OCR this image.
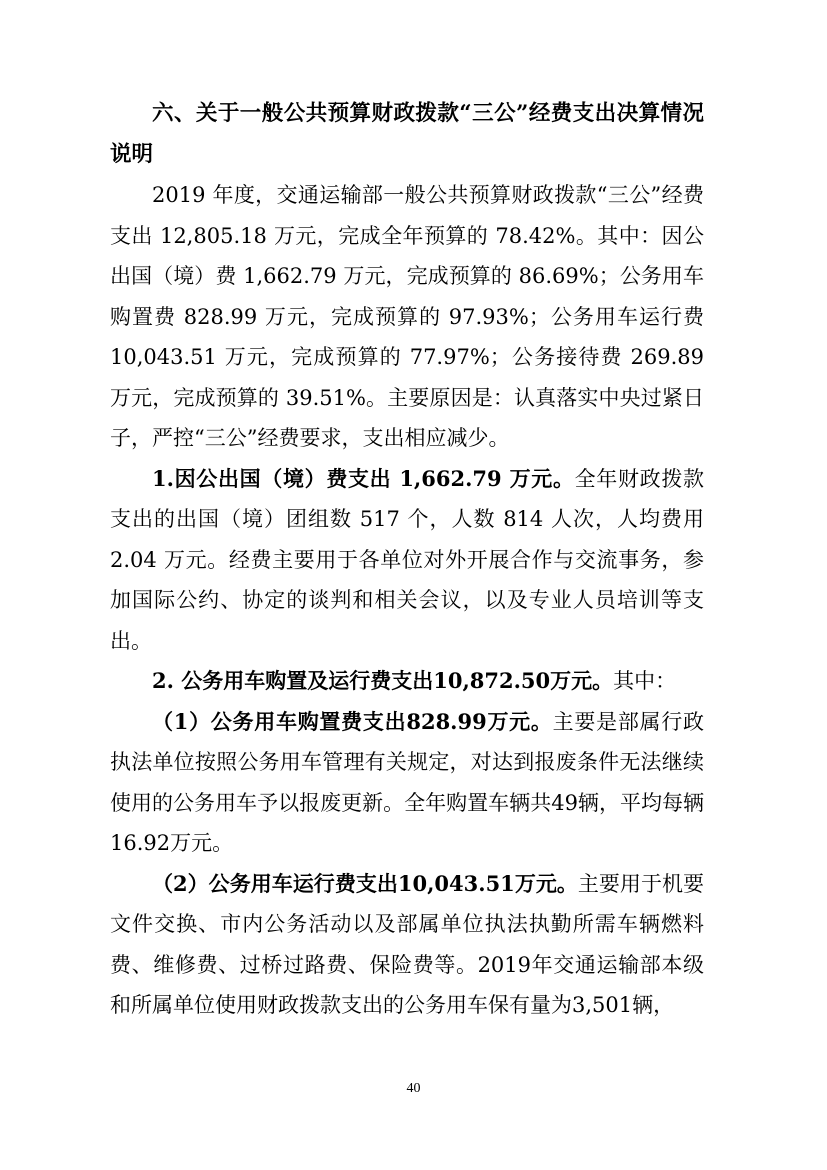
六、关于一般公共预算财政拨款“三公”经费支出决算情况说明

2019 年度，交通运输部一般公共预算财政拨款“三公”经费支出 12,805.18 万元，完成全年预算的 78.42%。其中：因公出国（境）费 1,662.79 万元，完成预算的 86.69%；公务用车购置费 828.99 万元，完成预算的 97.93%；公务用车运行费 10,043.51 万元，完成预算的 77.97%；公务接待费 269.89 万元，完成预算的 39.51%。主要原因是：认真落实中央过紧日子，严控“三公”经费要求，支出相应减少。

1.因公出国（境）费支出 1,662.79 万元。全年财政拨款支出的出国（境）团组数 517 个，人数 814 人次，人均费用 2.04 万元。经费主要用于各单位对外开展合作与交流事务，参加国际公约、协定的谈判和相关会议，以及专业人员培训等支出。

2. 公务用车购置及运行费支出10,872.50万元。其中：

（1）公务用车购置费支出828.99万元。主要是部属行政执法单位按照公务用车管理有关规定，对达到报废条件无法继续使用的公务用车予以报废更新。全年购置车辆共49辆，平均每辆16.92万元。

（2）公务用车运行费支出10,043.51万元。主要用于机要文件交换、市内公务活动以及部属单位执法执勤所需车辆燃料费、维修费、过桥过路费、保险费等。2019年交通运输部本级和所属单位使用财政拨款支出的公务用车保有量为3,501辆，

40
